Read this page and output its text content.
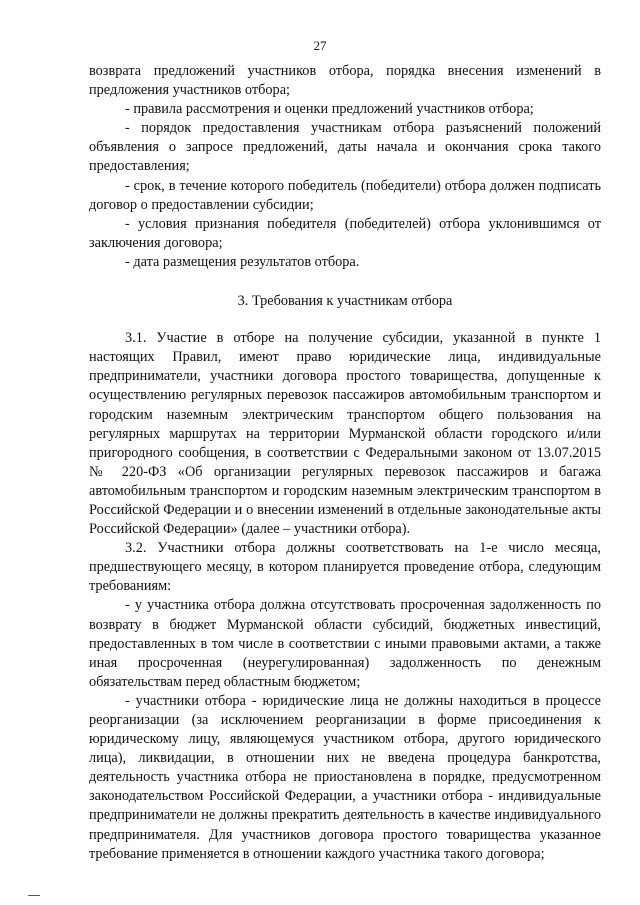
27

возврата предложений участников отбора, порядка внесения изменений в предложения участников отбора;

- правила рассмотрения и оценки предложений участников отбора;

- порядок предоставления участникам отбора разъяснений положений объявления о запросе предложений, даты начала и окончания срока такого предоставления;

- срок, в течение которого победитель (победители) отбора должен подписать договор о предоставлении субсидии;

- условия признания победителя (победителей) отбора уклонившимся от заключения договора;

- дата размещения результатов отбора.

3. Требования к участникам отбора

3.1. Участие в отборе на получение субсидии, указанной в пункте 1 настоящих Правил, имеют право юридические лица, индивидуальные предприниматели, участники договора простого товарищества, допущенные к осуществлению регулярных перевозок пассажиров автомобильным транспортом и городским наземным электрическим транспортом общего пользования на регулярных маршрутах на территории Мурманской области городского и/или пригородного сообщения, в соответствии с Федеральными законом от 13.07.2015 № 220-ФЗ «Об организации регулярных перевозок пассажиров и багажа автомобильным транспортом и городским наземным электрическим транспортом в Российской Федерации и о внесении изменений в отдельные законодательные акты Российской Федерации» (далее – участники отбора).

3.2. Участники отбора должны соответствовать на 1-е число месяца, предшествующего месяцу, в котором планируется проведение отбора, следующим требованиям:

- у участника отбора должна отсутствовать просроченная задолженность по возврату в бюджет Мурманской области субсидий, бюджетных инвестиций, предоставленных в том числе в соответствии с иными правовыми актами, а также иная просроченная (неурегулированная) задолженность по денежным обязательствам перед областным бюджетом;

- участники отбора - юридические лица не должны находиться в процессе реорганизации (за исключением реорганизации в форме присоединения к юридическому лицу, являющемуся участником отбора, другого юридического лица), ликвидации, в отношении них не введена процедура банкротства, деятельность участника отбора не приостановлена в порядке, предусмотренном законодательством Российской Федерации, а участники отбора - индивидуальные предприниматели не должны прекратить деятельность в качестве индивидуального предпринимателя. Для участников договора простого товарищества указанное требование применяется в отношении каждого участника такого договора;
